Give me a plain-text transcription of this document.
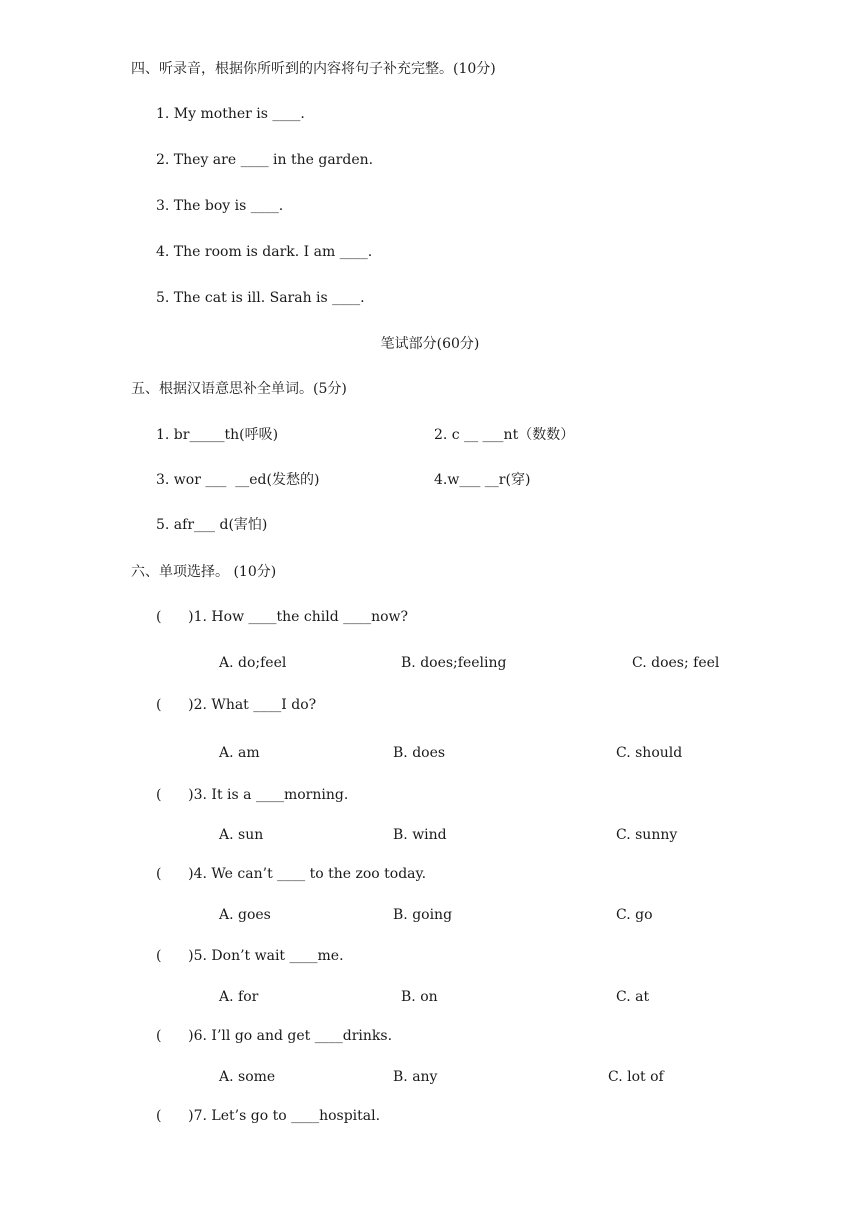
四、听录音，根据你所听到的内容将句子补充完整。(10分)
1. My mother is ____.
2. They are ____ in the garden.
3. The boy is ____.
4. The room is dark. I am ____.
5. The cat is ill. Sarah is ____.
笔试部分(60分)
五、根据汉语意思补全单词。(5分)
1. br_____th(呼吸)	2. c __ ___nt（数数）
3. wor ___  __ed(发愁的)	4.w___ __r(穿)
5. afr___ d(害怕)
六、单项选择。 (10分)
(      )1. How ____the child ____now?
A. do;feel	B. does;feeling	C. does; feel
(      )2. What ____I do?
A. am	B. does	C. should
(      )3. It is a ____morning.
A. sun	B. wind	C. sunny
(      )4. We can’t ____ to the zoo today.
A. goes	B. going	C. go
(      )5. Don’t wait ____me.
A. for	B. on	C. at
(      )6. I’ll go and get ____drinks.
A. some	B. any	C. lot of
(      )7. Let’s go to ____hospital.
